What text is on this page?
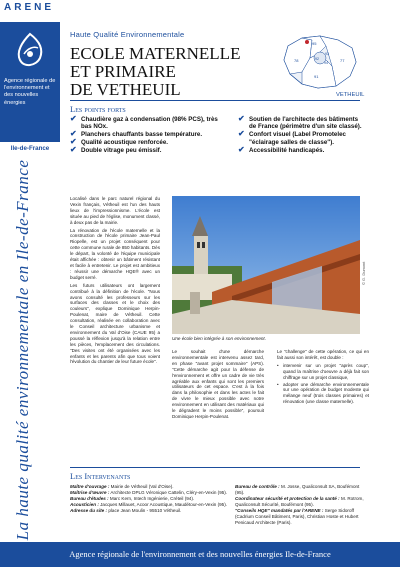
ARENE
Agence régionale de l'environnement et des nouvelles énergies
Ile-de-France
La haute qualité environnementale en Ile-de-France
Haute Qualité Environnementale
ECOLE MATERNELLE
ET PRIMAIRE
DE VETHEUIL
95
93
92
94
78
91
77
VETHEUIL
Les points forts
✔ Chaudière gaz à condensation (98% PCS), très bas NOx.
✔ Planchers chauffants basse température.
✔ Qualité acoustique renforcée.
✔ Double vitrage peu émissif.
✔ Soutien de l'architecte des bâtiments de France (périmètre d'un site classé).
✔ Confort visuel (Label Promotelec "éclairage salles de classe").
✔ Accessibilité handicapés.

Localisé dans le parc naturel régional du Vexin français, Vétheuil est l'un des hauts lieux de l'impressionnisme. L'école est située au pied de l'église, monument classé, à deux pas de la mairie.

La rénovation de l'école maternelle et la construction de l'école primaire Jean-Paul Riopelle, est un projet conséquent pour cette commune rurale de 850 habitants. Dès le départ, la volonté de l'équipe municipale était affichée : obtenir un bâtiment résistant et facile à entretenir. Le projet est ambitieux : réussir une démarche HQE® avec un budget serré.

Les futurs utilisateurs ont largement contribué à la définition de l'école. "Nous avons consulté les professeurs sur les surfaces des classes et le choix des couleurs", explique Dominique Herpin-Poulenat, maire de Vétheuil. Cette consultation, réalisée en collaboration avec le Conseil architecture urbanisme et environnement du Val d'Oise (CAUE 95) a poussé la réflexion jusqu'à la relation entre les pièces, l'emplacement des circulations. "Des visites ont été organisées avec les enfants et les parents afin que tous voient l'évolution du chantier de leur future école".

Une école bien intégrée à son environnement.
© G. Dumont

Le souhait d'une démarche environnementale est intervenu assez tard, en phase "avant projet sommaire" (APS). "Cette démarche agit pour la défense de l'environnement et offre un cadre de vie très agréable aux enfants qui sont les premiers utilisateurs de cet espace. C'est à la fois dans la philosophie et dans les actes le fait de vivre le mieux possible avec notre environnement en utilisant des matériaux qui le dégradent le moins possible", poursuit Dominique Herpin-Poulenat.

Le "challenge" de cette opération, ce qui en fait aussi son intérêt, est double :

• intervenir sur un projet "après coup", quand la maîtrise d'oeuvre a déjà fait son chiffrage sur un projet classique,
• adopter une démarche environnementale sur une opération de budget modeste qui mélange neuf (trois classes primaires) et rénovation (une classe maternelle).
Les Intervenants

Maître d'ouvrage : Mairie de Vétheuil (Val d'Oise).

Maîtrise d'œuvre : Architecte DPLG Véronique Cattelin, Cléry-en-Vexin (95).

Bureau d'études : Marc Kern, Intech Ingénierie, Créteil (94).

Acousticien : Jacques Millauet, Acoor Acoustique, Maudétour-en-Vexin (95).

Adresse du site : place Jean Moulin - 95510 Vétheuil.

Bureau de contrôle : M. Josse, Qualiconsult SA, Boufémont (95).

Coordinateur sécurité et protection de la santé : M. Rotrom, Qualiconsult Sécurité, Boufémont (95).

"Conseils HQE" mandatés par l'ARENE : Serge Sidoroff (Cadrium Conseil Bâtiment, Paris), Christian Hoste et Hubert Penicaud Architecte (Paris).

Agence régionale de l'environnement et des nouvelles énergies Ile-de-France
